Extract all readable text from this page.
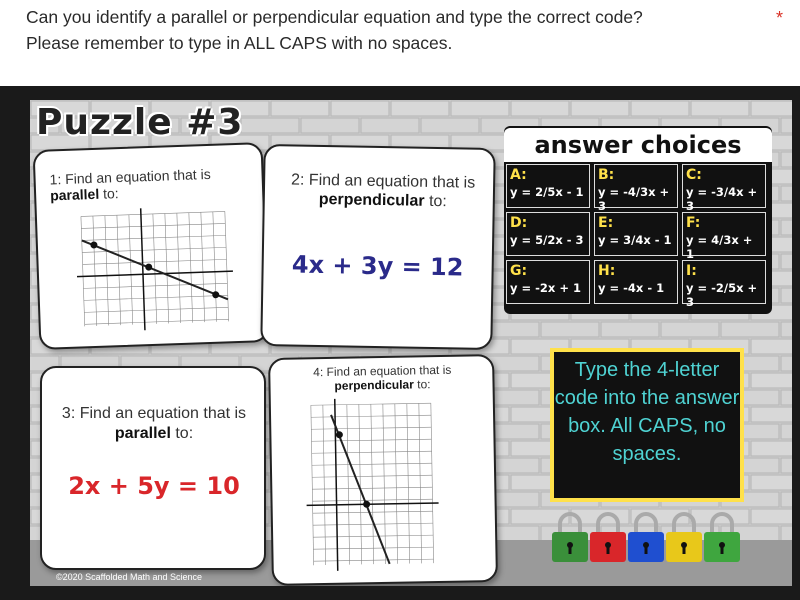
Can you identify a parallel or perpendicular equation and type the correct code?
Please remember to type in ALL CAPS with no spaces.
*
Puzzle #3
1: Find an equation that is
parallel to:
2: Find an equation that is
perpendicular to:
4x + 3y = 12
3: Find an equation that is
parallel to:
2x + 5y = 10
4: Find an equation that is
perpendicular to:
answer choices
A:
y = 2/5x - 1
B:
y = -4/3x + 3
C:
y = -3/4x + 3
D:
y = 5/2x - 3
E:
y = 3/4x - 1
F:
y = 4/3x + 1
G:
y = -2x + 1
H:
y = -4x - 1
I:
y = -2/5x + 3
Type the 4-letter code into the answer box. All CAPS, no spaces.
©2020 Scaffolded Math and Science
